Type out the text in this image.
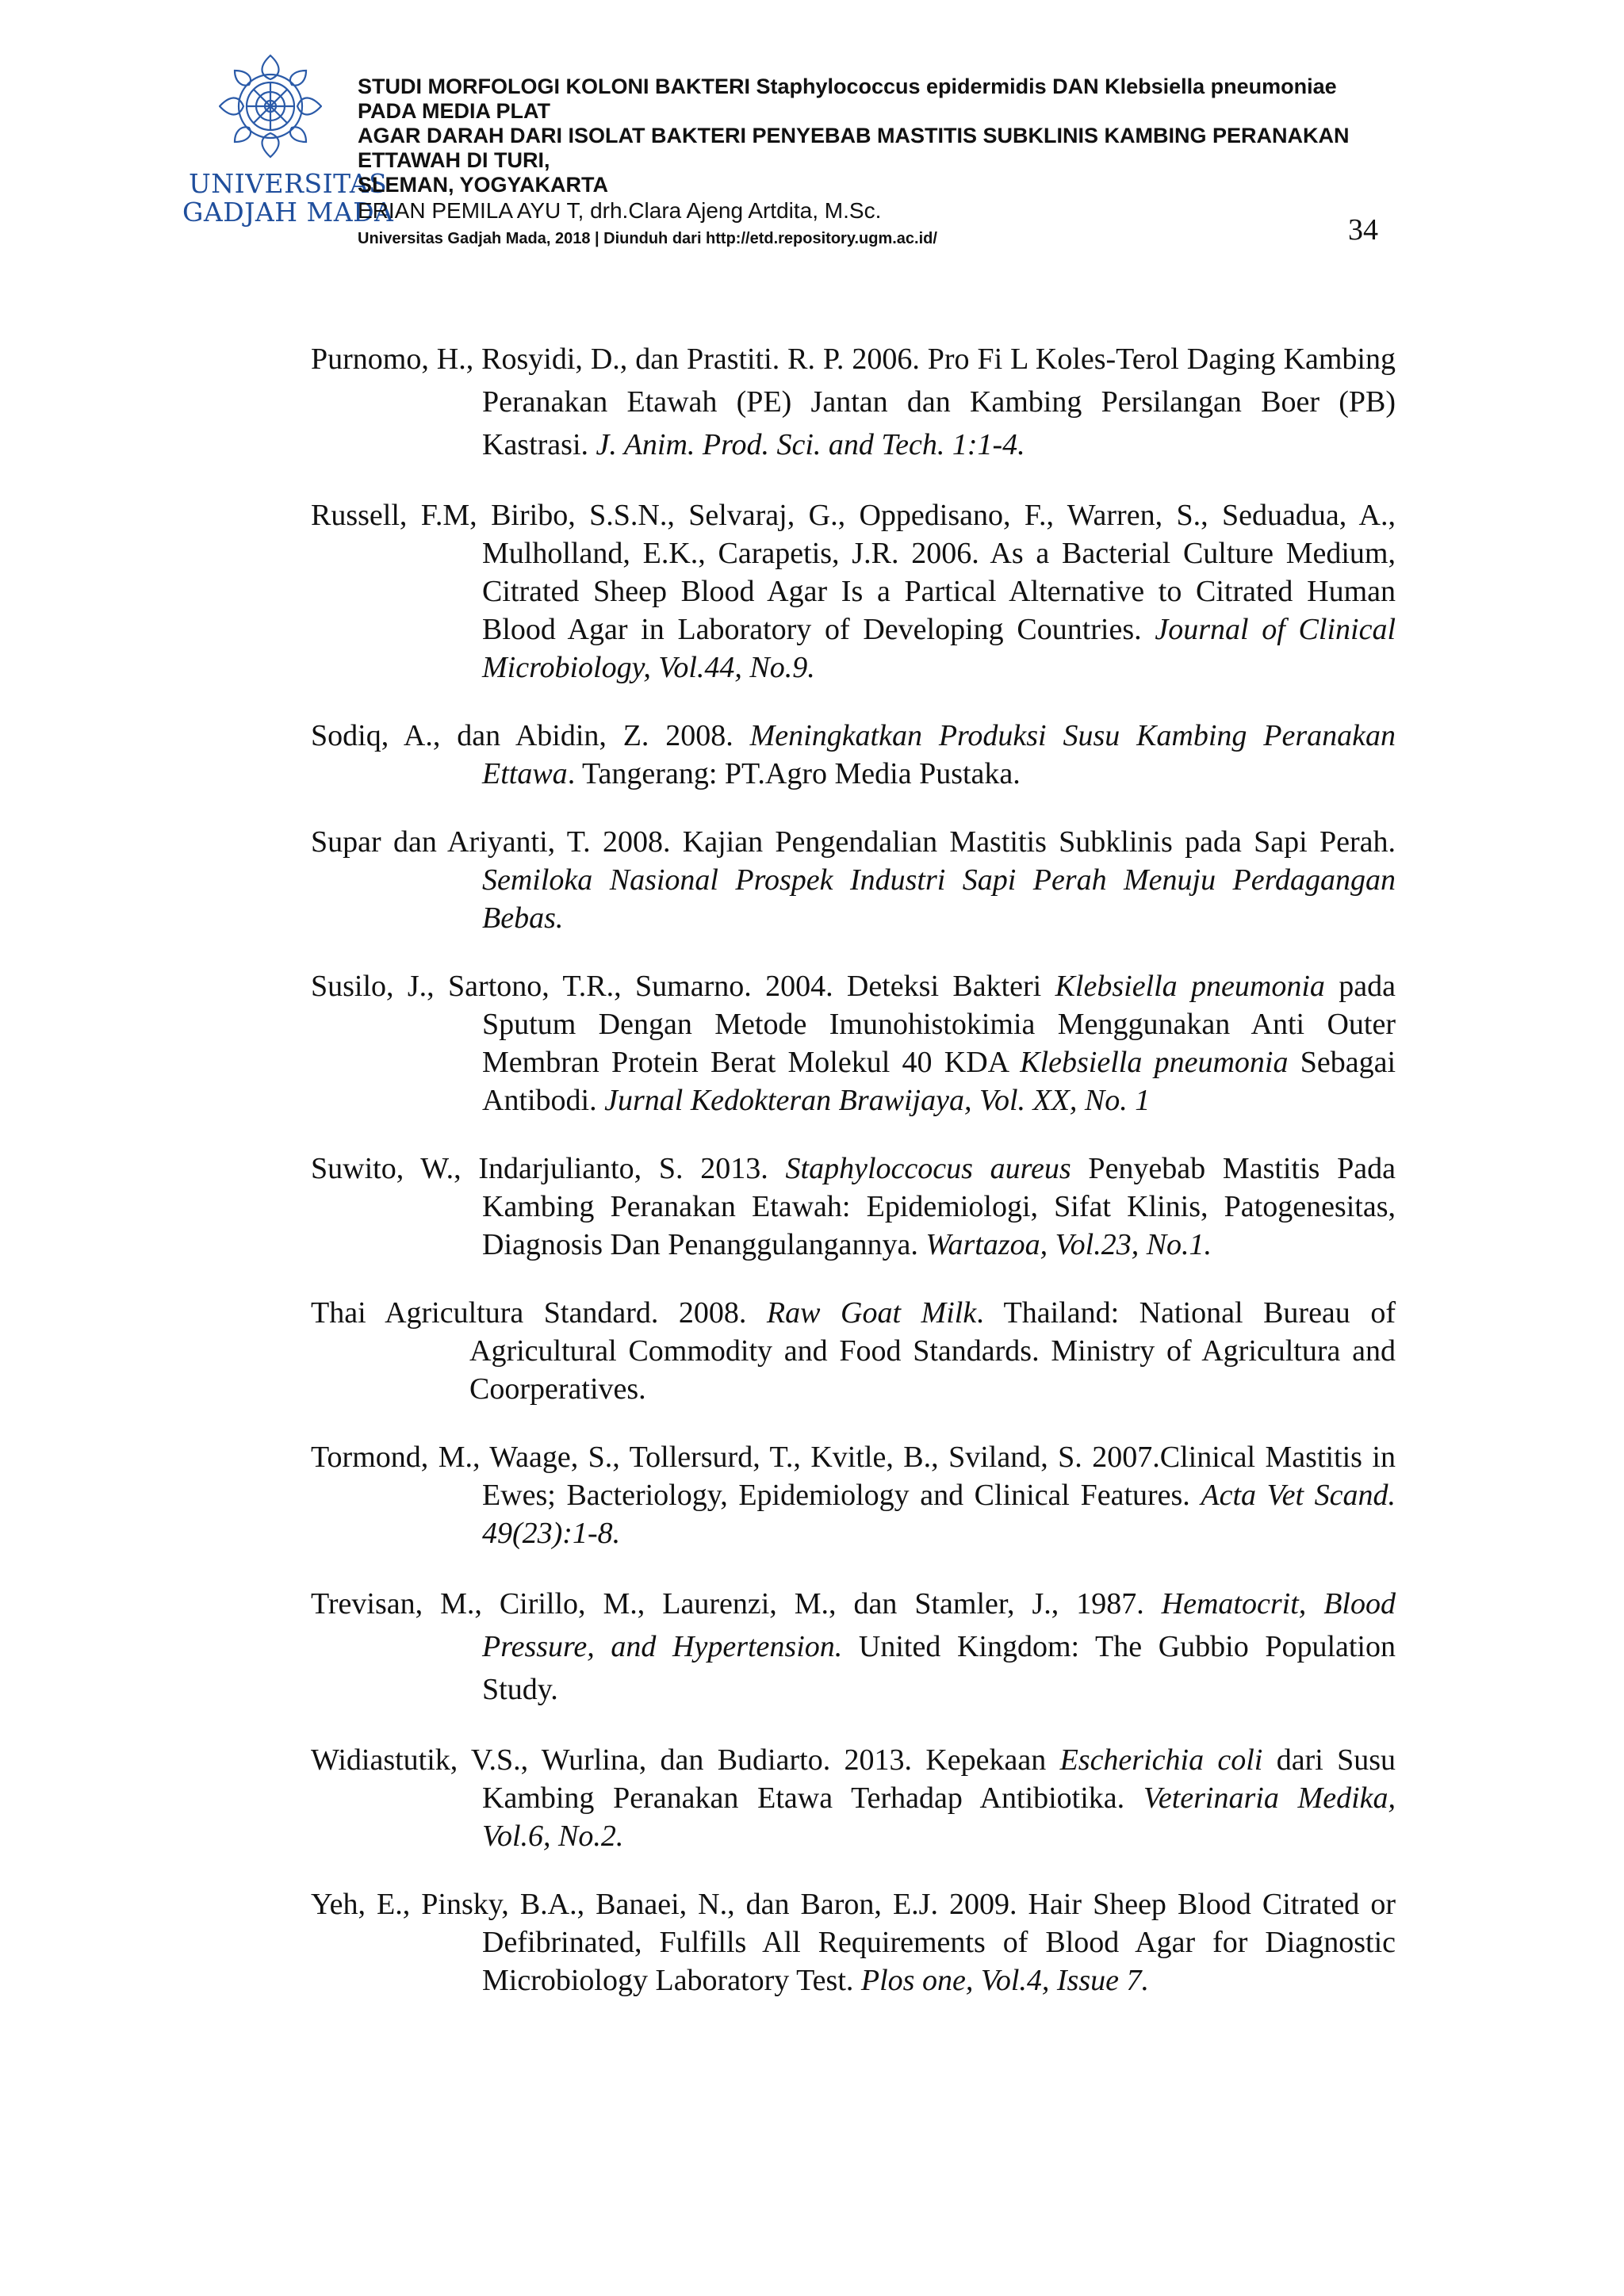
UNIVERSITAS
GADJAH MADA
STUDI MORFOLOGI KOLONI BAKTERI Staphylococcus epidermidis DAN Klebsiella pneumoniae
PADA MEDIA PLAT
AGAR DARAH DARI ISOLAT BAKTERI PENYEBAB MASTITIS SUBKLINIS KAMBING PERANAKAN
ETTAWAH DI TURI,
SLEMAN, YOGYAKARTA
ERIAN PEMILA AYU T, drh.Clara Ajeng Artdita, M.Sc.
Universitas Gadjah Mada, 2018 | Diunduh dari http://etd.repository.ugm.ac.id/	34

Purnomo, H., Rosyidi, D., dan Prastiti. R. P. 2006. Pro Fi L Koles-Terol Daging Kambing Peranakan Etawah (PE) Jantan dan Kambing Persilangan Boer (PB) Kastrasi. J. Anim. Prod. Sci. and Tech. 1:1-4.

Russell, F.M, Biribo, S.S.N., Selvaraj, G., Oppedisano, F., Warren, S., Seduadua, A., Mulholland, E.K., Carapetis, J.R. 2006. As a Bacterial Culture Medium, Citrated Sheep Blood Agar Is a Partical Alternative to Citrated Human Blood Agar in Laboratory of Developing Countries. Journal of Clinical Microbiology, Vol.44, No.9.

Sodiq, A., dan Abidin, Z. 2008. Meningkatkan Produksi Susu Kambing Peranakan Ettawa. Tangerang: PT.Agro Media Pustaka.

Supar dan Ariyanti, T. 2008. Kajian Pengendalian Mastitis Subklinis pada Sapi Perah. Semiloka Nasional Prospek Industri Sapi Perah Menuju Perdagangan Bebas.

Susilo, J., Sartono, T.R., Sumarno. 2004. Deteksi Bakteri Klebsiella pneumonia pada Sputum Dengan Metode Imunohistokimia Menggunakan Anti Outer Membran Protein Berat Molekul 40 KDA Klebsiella pneumonia Sebagai Antibodi. Jurnal Kedokteran Brawijaya, Vol. XX, No. 1

Suwito, W., Indarjulianto, S. 2013. Staphyloccocus aureus Penyebab Mastitis Pada Kambing Peranakan Etawah: Epidemiologi, Sifat Klinis, Patogenesitas, Diagnosis Dan Penanggulangannya. Wartazoa, Vol.23, No.1.

Thai Agricultura Standard. 2008. Raw Goat Milk. Thailand: National Bureau of Agricultural Commodity and Food Standards. Ministry of Agricultura and Coorperatives.

Tormond, M., Waage, S., Tollersurd, T., Kvitle, B., Sviland, S. 2007.Clinical Mastitis in Ewes; Bacteriology, Epidemiology and Clinical Features. Acta Vet Scand. 49(23):1-8.

Trevisan, M., Cirillo, M., Laurenzi, M., dan Stamler, J., 1987. Hematocrit, Blood Pressure, and Hypertension. United Kingdom: The Gubbio Population Study.

Widiastutik, V.S., Wurlina, dan Budiarto. 2013. Kepekaan Escherichia coli dari Susu Kambing Peranakan Etawa Terhadap Antibiotika. Veterinaria Medika, Vol.6, No.2.

Yeh, E., Pinsky, B.A., Banaei, N., dan Baron, E.J. 2009. Hair Sheep Blood Citrated or Defibrinated, Fulfills All Requirements of Blood Agar for Diagnostic Microbiology Laboratory Test. Plos one, Vol.4, Issue 7.
